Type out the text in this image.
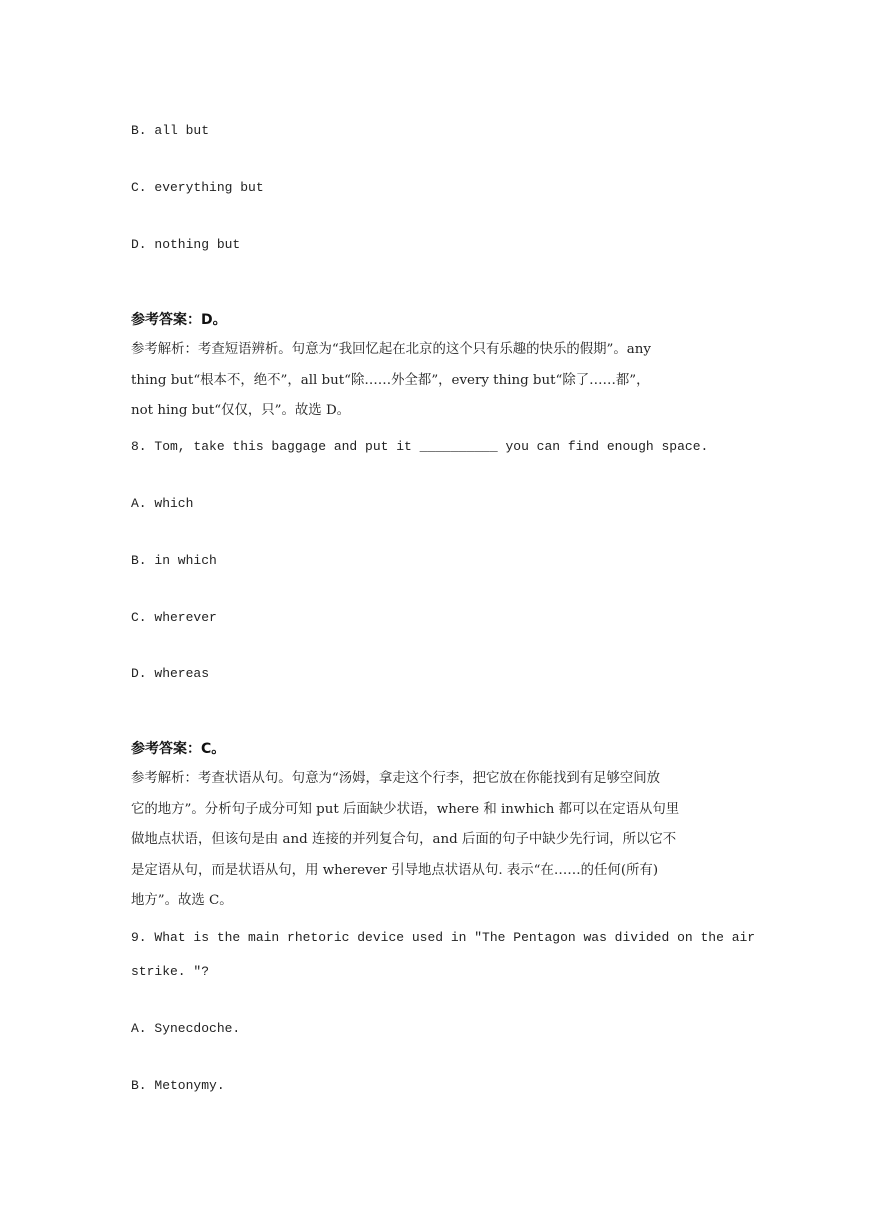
B. all but
C. everything but
D. nothing but
参考答案：D。
参考解析：考查短语辨析。句意为“我回忆起在北京的这个只有乐趣的快乐的假期”。any
thing but“根本不，绝不”，all but“除……外全都”，every thing but“除了……都”，
not hing but“仅仅，只”。故选 D。
8. Tom, take this baggage and put it __________ you can find enough space.
A. which
B. in which
C. wherever
D. whereas
参考答案：C。
参考解析：考查状语从句。句意为“汤姆，拿走这个行李，把它放在你能找到有足够空间放
它的地方”。分析句子成分可知 put 后面缺少状语，where 和 inwhich 都可以在定语从句里
做地点状语，但该句是由 and 连接的并列复合句，and 后面的句子中缺少先行词，所以它不
是定语从句，而是状语从句，用 wherever 引导地点状语从句. 表示“在……的任何(所有)
地方”。故选 C。
9. What is the main rhetoric device used in "The Pentagon was divided on the air
strike. "?
A. Synecdoche.
B. Metonymy.
